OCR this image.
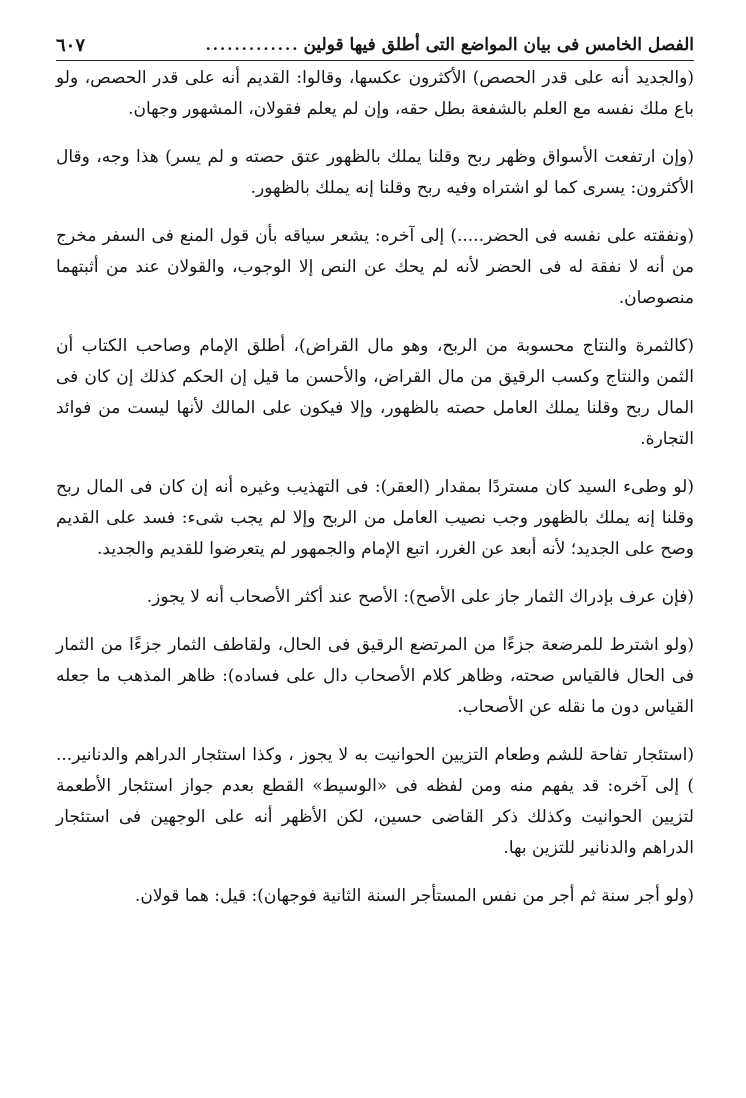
الفصل الخامس فى بيان المواضع التى أطلق فيها قولين
.............
٦٠٧

(والجديد أنه على قدر الحصص) الأكثرون عكسها، وقالوا: القديم أنه على قدر الحصص، ولو باع ملك نفسه مع العلم بالشفعة بطل حقه، وإن لم يعلم فقولان، المشهور وجهان.

(وإن ارتفعت الأسواق وظهر ربح وقلنا يملك بالظهور عتق حصته و لم يسر) هذا وجه، وقال الأكثرون: يسرى كما لو اشتراه وفيه ربح وقلنا إنه يملك بالظهور.

(ونفقته على نفسه فى الحضر.....) إلى آخره: يشعر سياقه بأن قول المنع فى السفر مخرج من أنه لا نفقة له فى الحضر لأنه لم يحك عن النص إلا الوجوب، والقولان عند من أثبتهما منصوصان.

(كالثمرة والنتاج محسوبة من الربح، وهو مال القراض)، أطلق الإمام وصاحب الكتاب أن الثمن والنتاج وكسب الرقيق من مال القراض، والأحسن ما قيل إن الحكم كذلك إن كان فى المال ربح وقلنا يملك العامل حصته بالظهور، وإلا فيكون على المالك لأنها ليست من فوائد التجارة.

(لو وطىء السيد كان مستردًا بمقدار (العقر): فى التهذيب وغيره أنه إن كان فى المال ربح وقلنا إنه يملك بالظهور وجب نصيب العامل من الربح وإلا لم يجب شىء: فسد على القديم وصح على الجديد؛ لأنه أبعد عن الغرر، اتبع الإمام والجمهور لم يتعرضوا للقديم والجديد.

(فإن عرف بإدراك الثمار جاز على الأصح): الأصح عند أكثر الأصحاب أنه لا يجوز.

(ولو اشترط للمرضعة جزءًا من المرتضع الرقيق فى الحال، ولقاطف الثمار جزءًا من الثمار فى الحال فالقياس صحته، وظاهر كلام الأصحاب دال على فساده): ظاهر المذهب ما جعله القياس دون ما نقله عن الأصحاب.

(استئجار تفاحة للشم وطعام التزيين الحوانيت به لا يجوز ، وكذا استئجار الدراهم والدنانير... ) إلى آخره: قد يفهم منه ومن لفظه فى «الوسيط» القطع بعدم جواز استئجار الأطعمة لتزيين الحوانيت وكذلك ذكر القاضى حسين، لكن الأظهر أنه على الوجهين فى استئجار الدراهم والدنانير للتزين بها.

(ولو أجر سنة ثم أجر من نفس المستأجر السنة الثانية فوجهان): قيل: هما قولان.
